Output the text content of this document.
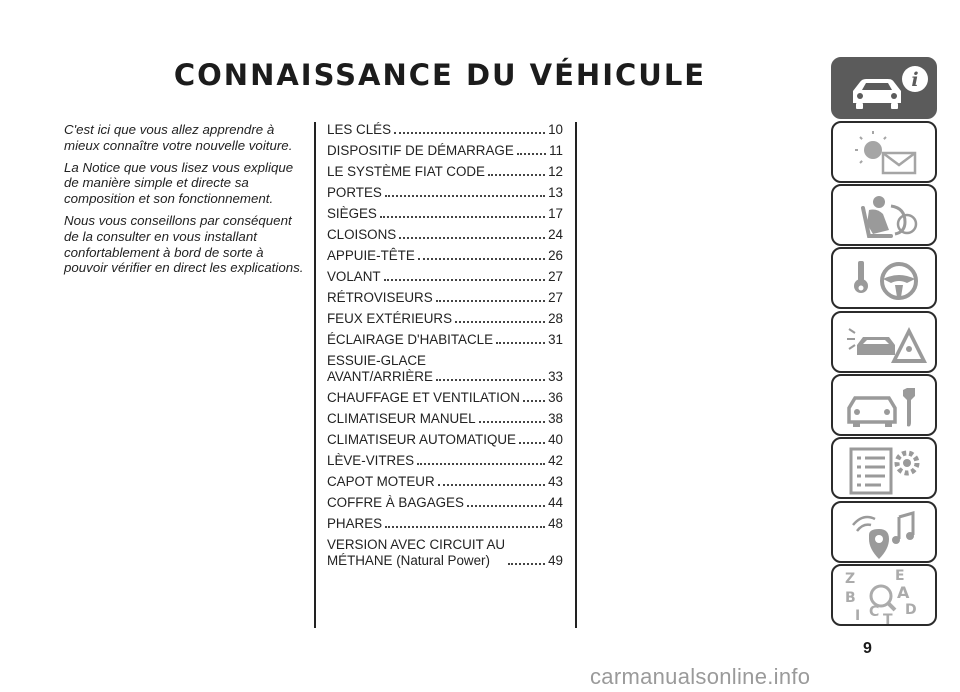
CONNAISSANCE DU VÉHICULE

C'est ici que vous allez apprendre à mieux connaître votre nouvelle voiture.

La Notice que vous lisez vous explique de manière simple et directe sa composition et son fonctionnement.

Nous vous conseillons par conséquent de la consulter en vous installant confortablement à bord de sorte à pouvoir vérifier en direct les explications.

LES CLÉS	10
DISPOSITIF DE DÉMARRAGE	11
LE SYSTÈME FIAT CODE	12
PORTES	13
SIÈGES	17
CLOISONS	24
APPUIE-TÊTE	26
VOLANT	27
RÉTROVISEURS	27
FEUX EXTÉRIEURS	28
ÉCLAIRAGE D'HABITACLE	31
ESSUIE-GLACE
AVANT/ARRIÈRE	33
CHAUFFAGE ET VENTILATION 36
CLIMATISEUR MANUEL	38
CLIMATISEUR AUTOMATIQUE 40
LÈVE-VITRES	42
CAPOT MOTEUR	43
COFFRE À BAGAGES	44
PHARES	48
VERSION AVEC CIRCUIT AU
MÉTHANE (Natural Power)	49
i
Z	E
B	A
I C T
D
9
carmanualsonline.info
